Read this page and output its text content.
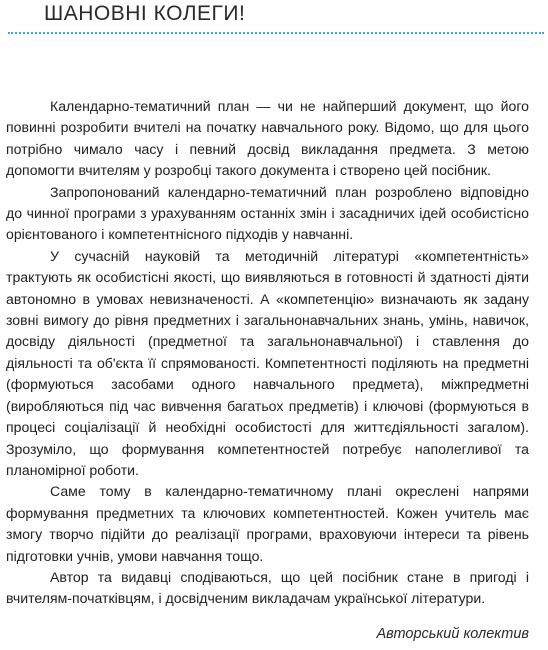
ШАНОВНІ КОЛЕГИ!

Календарно-тематичний план — чи не найперший документ, що його повинні розробити вчителі на початку навчального року. Відомо, що для цього потрібно чимало часу і певний досвід викладання предмета. З метою допомогти вчителям у розробці такого документа і створено цей посібник.

Запропонований календарно-тематичний план розроблено відповідно до чинної програми з урахуванням останніх змін і засадничих ідей особистісно орієнтованого і компетентнісного підходів у навчанні.

У сучасній науковій та методичній літературі «компетентність» трактують як особистісні якості, що виявляються в готовності й здатності діяти автономно в умовах невизначеності. А «компетенцію» визначають як задану зовні вимогу до рівня предметних і загальнонавчальних знань, умінь, навичок, досвіду діяльності (предметної та загальнонавчальної) і ставлення до діяльності та об'єкта її спрямованості. Компетентності поділяють на предметні (формуються засобами одного навчального предмета), міжпредметні (виробляються під час вивчення багатьох предметів) і ключові (формуються в процесі соціалізації й необхідні особистості для життєдіяльності загалом). Зрозуміло, що формування компетентностей потребує наполегливої та планомірної роботи.

Саме тому в календарно-тематичному плані окреслені напрями формування предметних та ключових компетентностей. Кожен учитель має змогу творчо підійти до реалізації програми, враховуючи інтереси та рівень підготовки учнів, умови навчання тощо.

Автор та видавці сподіваються, що цей посібник стане в пригоді і вчителям-початківцям, і досвідченим викладачам української літератури.

Авторський колектив
